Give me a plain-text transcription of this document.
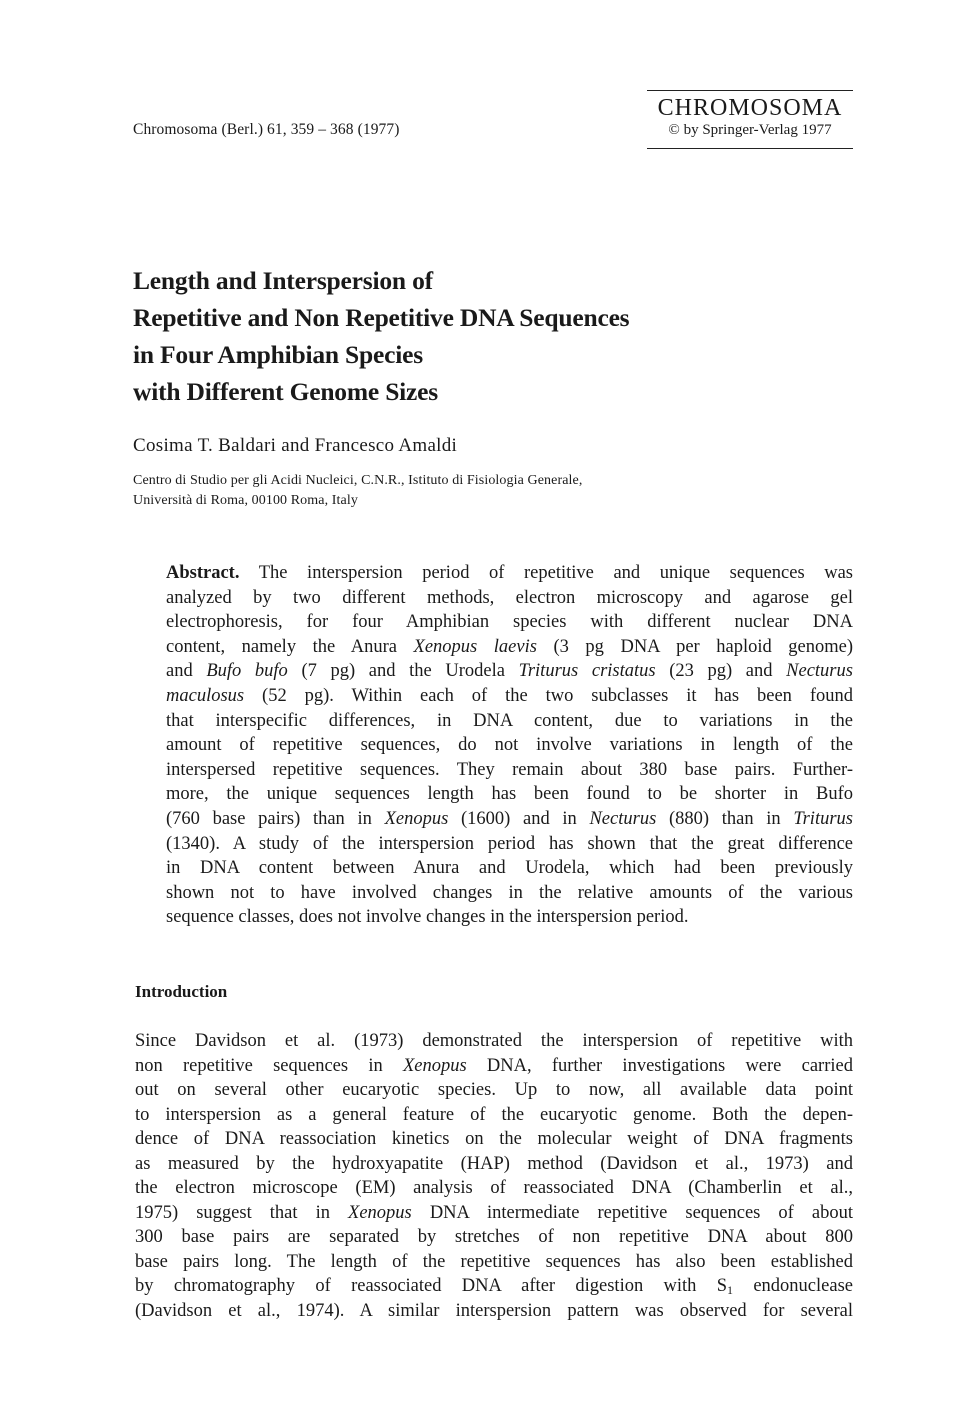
Chromosoma (Berl.) 61, 359 – 368 (1977)
CHROMOSOMA
© by Springer-Verlag 1977
Length and Interspersion of
Repetitive and Non Repetitive DNA Sequences
in Four Amphibian Species
with Different Genome Sizes
Cosima T. Baldari and Francesco Amaldi
Centro di Studio per gli Acidi Nucleici, C.N.R., Istituto di Fisiologia Generale,
Università di Roma, 00100 Roma, Italy
Abstract. The interspersion period of repetitive and unique sequences was
analyzed by two different methods, electron microscopy and agarose gel
electrophoresis, for four Amphibian species with different nuclear DNA
content, namely the Anura Xenopus laevis (3 pg DNA per haploid genome)
and Bufo bufo (7 pg) and the Urodela Triturus cristatus (23 pg) and Necturus
maculosus (52 pg). Within each of the two subclasses it has been found
that interspecific differences, in DNA content, due to variations in the
amount of repetitive sequences, do not involve variations in length of the
interspersed repetitive sequences. They remain about 380 base pairs. Further-
more, the unique sequences length has been found to be shorter in Bufo
(760 base pairs) than in Xenopus (1600) and in Necturus (880) than in Triturus
(1340). A study of the interspersion period has shown that the great difference
in DNA content between Anura and Urodela, which had been previously
shown not to have involved changes in the relative amounts of the various
sequence classes, does not involve changes in the interspersion period.
Introduction
Since Davidson et al. (1973) demonstrated the interspersion of repetitive with
non repetitive sequences in Xenopus DNA, further investigations were carried
out on several other eucaryotic species. Up to now, all available data point
to interspersion as a general feature of the eucaryotic genome. Both the depen-
dence of DNA reassociation kinetics on the molecular weight of DNA fragments
as measured by the hydroxyapatite (HAP) method (Davidson et al., 1973) and
the electron microscope (EM) analysis of reassociated DNA (Chamberlin et al.,
1975) suggest that in Xenopus DNA intermediate repetitive sequences of about
300 base pairs are separated by stretches of non repetitive DNA about 800
base pairs long. The length of the repetitive sequences has also been established
by chromatography of reassociated DNA after digestion with $S_1$ endonuclease
(Davidson et al., 1974). A similar interspersion pattern was observed for several
